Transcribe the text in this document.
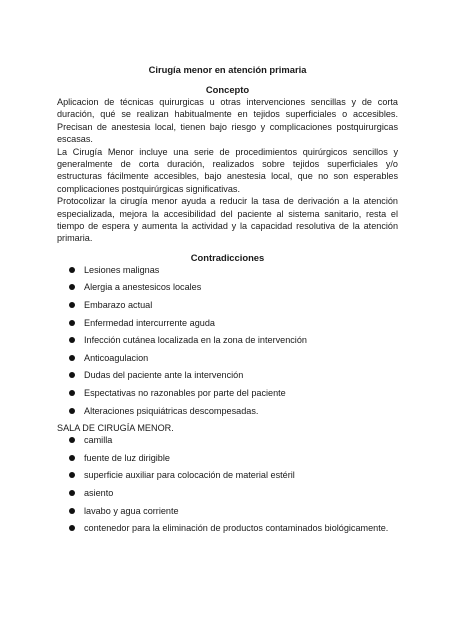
Cirugía menor en atención primaria
Concepto

Aplicacion de técnicas quirurgicas u otras intervenciones sencillas y de corta duración, qué se realizan habitualmente en tejidos superficiales o accesibles. Precisan de anestesia local, tienen bajo riesgo y complicaciones postquirurgicas escasas.

La Cirugía Menor incluye una serie de procedimientos quirúrgicos sencillos y generalmente de corta duración, realizados sobre tejidos superficiales y/o estructuras fácilmente accesibles, bajo anestesia local, que no son esperables complicaciones postquirúrgicas significativas.

Protocolizar la cirugía menor ayuda a reducir la tasa de derivación a la atención especializada, mejora la accesibilidad del paciente al sistema sanitario, resta el tiempo de espera y aumenta la actividad y la capacidad resolutiva de la atención primaria.

Contradicciones
Lesiones malignas
Alergia a anestesicos locales
Embarazo actual
Enfermedad intercurrente aguda
Infección cutánea localizada en la zona de intervención
Anticoagulacion
Dudas del paciente ante la intervención
Espectativas no razonables por parte del paciente
Alteraciones psiquiátricas descompesadas.
SALA DE CIRUGÍA MENOR.
camilla
fuente de luz dirigible
superficie auxiliar para colocación de material estéril
asiento
lavabo y agua corriente
contenedor para la eliminación de productos contaminados biológicamente.
